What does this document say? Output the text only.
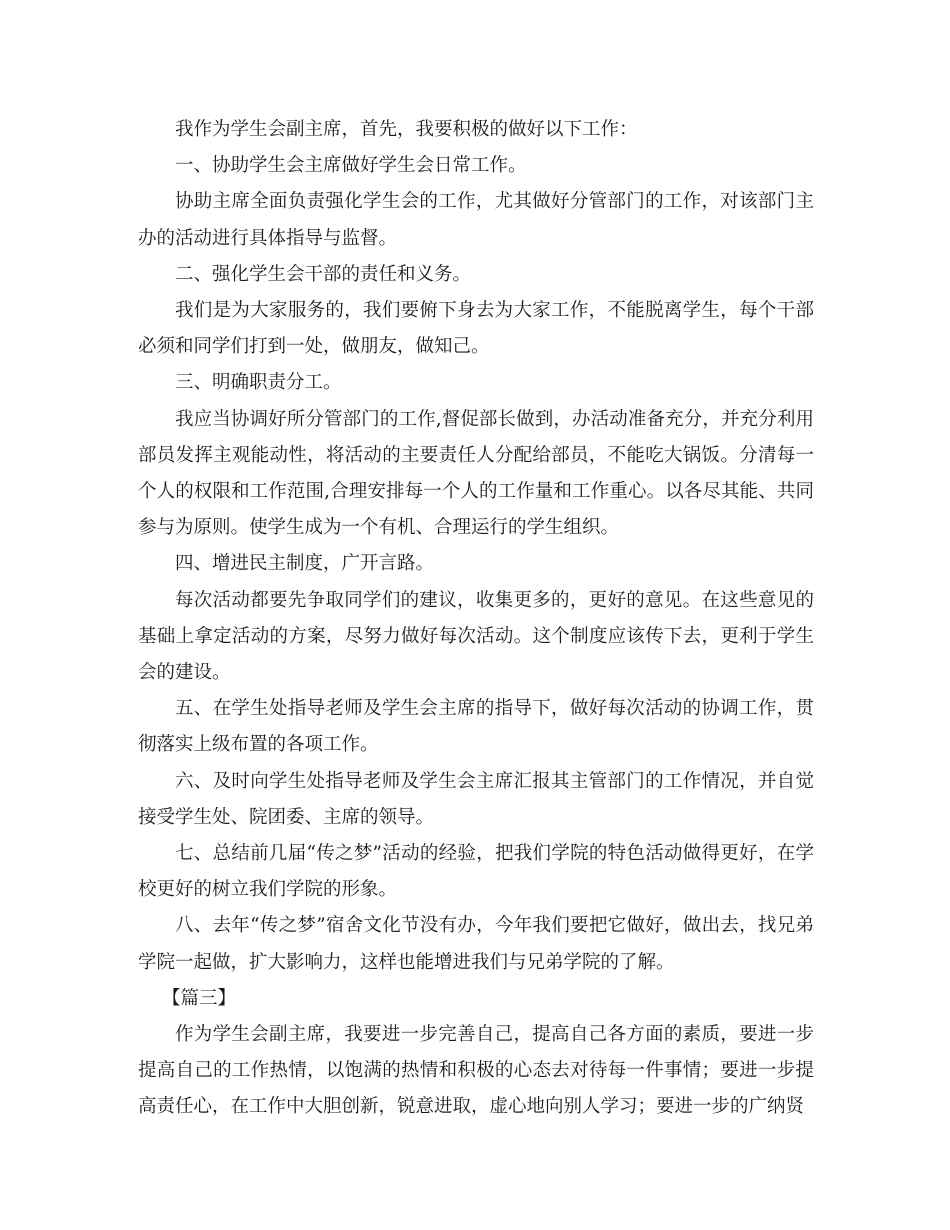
我作为学生会副主席，首先，我要积极的做好以下工作：

一、协助学生会主席做好学生会日常工作。

协助主席全面负责强化学生会的工作，尤其做好分管部门的工作，对该部门主办的活动进行具体指导与监督。

二、强化学生会干部的责任和义务。

我们是为大家服务的，我们要俯下身去为大家工作，不能脱离学生，每个干部必须和同学们打到一处，做朋友，做知己。

三、明确职责分工。

我应当协调好所分管部门的工作,督促部长做到，办活动准备充分，并充分利用部员发挥主观能动性，将活动的主要责任人分配给部员，不能吃大锅饭。分清每一个人的权限和工作范围,合理安排每一个人的工作量和工作重心。以各尽其能、共同参与为原则。使学生成为一个有机、合理运行的学生组织。

四、增进民主制度，广开言路。

每次活动都要先争取同学们的建议，收集更多的，更好的意见。在这些意见的基础上拿定活动的方案，尽努力做好每次活动。这个制度应该传下去，更利于学生会的建设。

五、在学生处指导老师及学生会主席的指导下，做好每次活动的协调工作，贯彻落实上级布置的各项工作。

六、及时向学生处指导老师及学生会主席汇报其主管部门的工作情况，并自觉接受学生处、院团委、主席的领导。

七、总结前几届“传之梦”活动的经验，把我们学院的特色活动做得更好，在学校更好的树立我们学院的形象。

八、去年“传之梦”宿舍文化节没有办，今年我们要把它做好，做出去，找兄弟学院一起做，扩大影响力，这样也能增进我们与兄弟学院的了解。

【篇三】

作为学生会副主席，我要进一步完善自己，提高自己各方面的素质，要进一步提高自己的工作热情，以饱满的热情和积极的心态去对待每一件事情；要进一步提高责任心，在工作中大胆创新，锐意进取，虚心地向别人学习；要进一步的广纳贤
